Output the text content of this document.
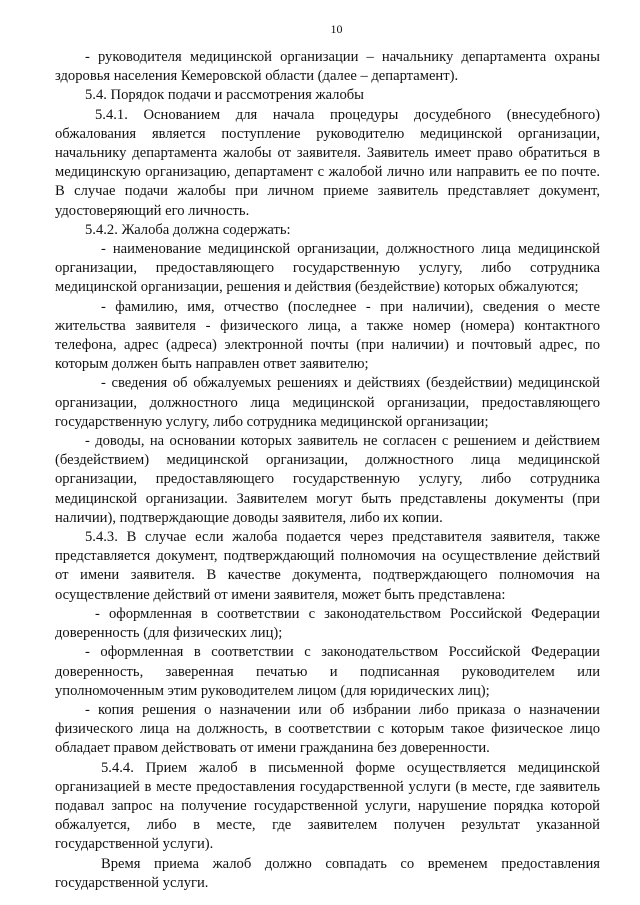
10

- руководителя медицинской организации – начальнику департамента охраны здоровья населения Кемеровской области (далее – департамент).

5.4. Порядок подачи и рассмотрения жалобы

5.4.1. Основанием для начала процедуры досудебного (внесудебного) обжалования является поступление руководителю медицинской организации, начальнику департамента жалобы от заявителя. Заявитель имеет право обратиться в медицинскую организацию, департамент с жалобой лично или направить ее по почте. В случае подачи жалобы при личном приеме заявитель представляет документ, удостоверяющий его личность.

5.4.2. Жалоба должна содержать:

- наименование медицинской организации, должностного лица медицинской организации, предоставляющего государственную услугу, либо сотрудника медицинской организации, решения и действия (бездействие) которых обжалуются;

- фамилию, имя, отчество (последнее - при наличии), сведения о месте жительства заявителя - физического лица, а также номер (номера) контактного телефона, адрес (адреса) электронной почты (при наличии) и почтовый адрес, по которым должен быть направлен ответ заявителю;

- сведения об обжалуемых решениях и действиях (бездействии) медицинской организации, должностного лица медицинской организации, предоставляющего государственную услугу, либо сотрудника медицинской организации;

- доводы, на основании которых заявитель не согласен с решением и действием (бездействием) медицинской организации, должностного лица медицинской организации, предоставляющего государственную услугу, либо сотрудника медицинской организации. Заявителем могут быть представлены документы (при наличии), подтверждающие доводы заявителя, либо их копии.

5.4.3. В случае если жалоба подается через представителя заявителя, также представляется документ, подтверждающий полномочия на осуществление действий от имени заявителя. В качестве документа, подтверждающего полномочия на осуществление действий от имени заявителя, может быть представлена:

- оформленная в соответствии с законодательством Российской Федерации доверенность (для физических лиц);

- оформленная в соответствии с законодательством Российской Федерации доверенность, заверенная печатью и подписанная руководителем или уполномоченным этим руководителем лицом (для юридических лиц);

- копия решения о назначении или об избрании либо приказа о назначении физического лица на должность, в соответствии с которым такое физическое лицо обладает правом действовать от имени гражданина без доверенности.

5.4.4. Прием жалоб в письменной форме осуществляется медицинской организацией в месте предоставления государственной услуги (в месте, где заявитель подавал запрос на получение государственной услуги, нарушение порядка которой обжалуется, либо в месте, где заявителем получен результат указанной государственной услуги).

Время приема жалоб должно совпадать со временем предоставления государственной услуги.
